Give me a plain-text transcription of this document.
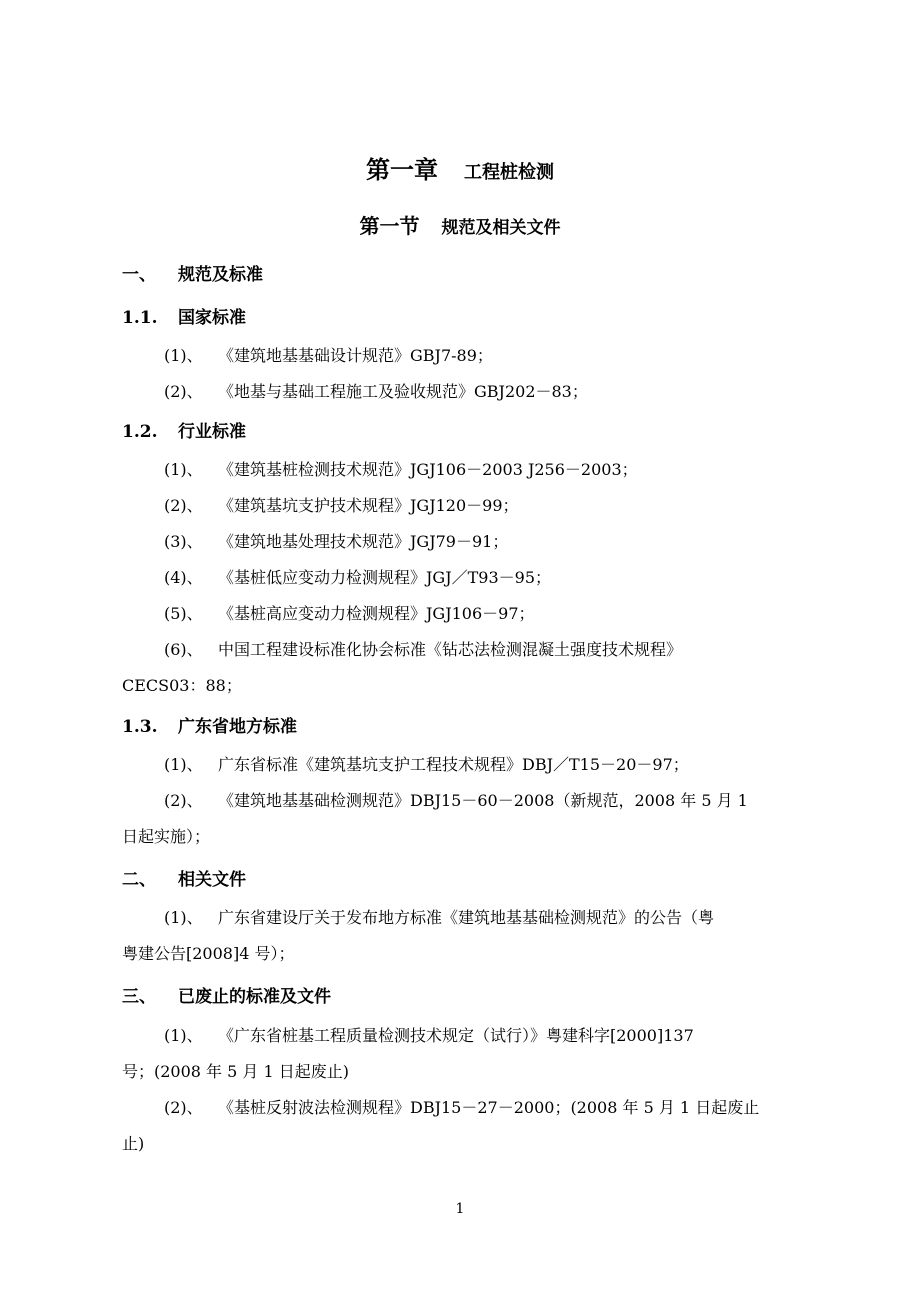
第一章 工程桩检测
第一节 规范及相关文件
一、 规范及标准
1.1. 国家标准
(1)、 《建筑地基基础设计规范》GBJ7-89；
(2)、 《地基与基础工程施工及验收规范》GBJ202－83；
1.2. 行业标准
(1)、 《建筑基桩检测技术规范》JGJ106－2003 J256－2003；
(2)、 《建筑基坑支护技术规程》JGJ120－99；
(3)、 《建筑地基处理技术规范》JGJ79－91；
(4)、 《基桩低应变动力检测规程》JGJ／T93－95；
(5)、 《基桩高应变动力检测规程》JGJ106－97；
(6)、 中国工程建设标准化协会标准《钻芯法检测混凝土强度技术规程》
CECS03：88；
1.3. 广东省地方标准
(1)、 广东省标准《建筑基坑支护工程技术规程》DBJ／T15－20－97；
(2)、 《建筑地基基础检测规范》DBJ15－60－2008（新规范，2008 年 5 月 1
日起实施）；
二、 相关文件
(1)、 广东省建设厅关于发布地方标准《建筑地基基础检测规范》的公告（粤
粤建公告[2008]4 号）；
三、 已废止的标准及文件
(1)、 《广东省桩基工程质量检测技术规定（试行）》粤建科字[2000]137
号；(2008 年 5 月 1 日起废止)
(2)、 《基桩反射波法检测规程》DBJ15－27－2000；(2008 年 5 月 1 日起废止
止)
1
